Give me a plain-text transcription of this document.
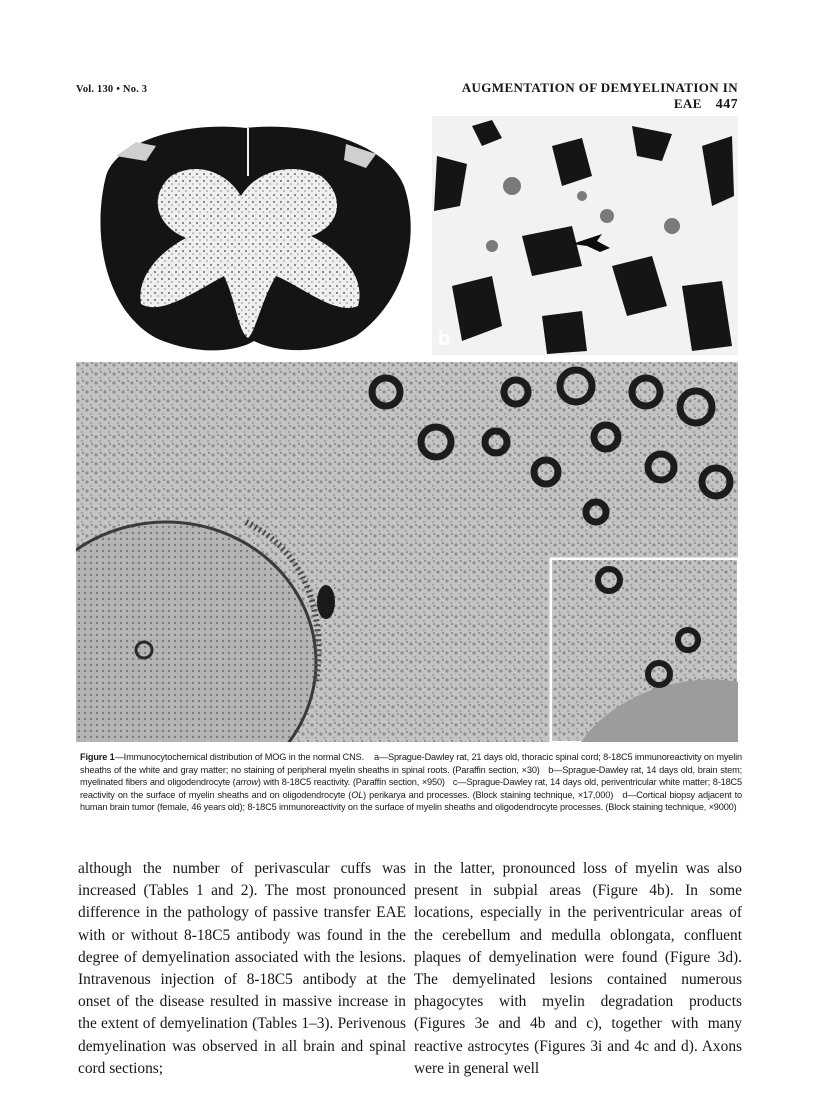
Vol. 130 • No. 3	AUGMENTATION OF DEMYELINATION IN EAE 447
a	b
Figure 1—Immunocytochemical distribution of MOG in the normal CNS. a—Sprague-Dawley rat, 21 days old, thoracic spinal cord; 8-18C5 immunoreactivity on myelin sheaths of the white and gray matter; no staining of peripheral myelin sheaths in spinal roots. (Paraffin section, ×30) b—Sprague-Dawley rat, 14 days old, brain stem; myelinated fibers and oligodendrocyte (arrow) with 8-18C5 reactivity. (Paraffin section, ×950) c—Sprague-Dawley rat, 14 days old, periventricular white matter; 8-18C5 reactivity on the surface of myelin sheaths and on oligodendrocyte (OL) perikarya and processes. (Block staining technique, ×17,000) d—Cortical biopsy adjacent to human brain tumor (female, 46 years old); 8-18C5 immunoreactivity on the surface of myelin sheaths and oligodendrocyte processes. (Block staining technique, ×9000)
although the number of perivascular cuffs was increased (Tables 1 and 2). The most pronounced difference in the pathology of passive transfer EAE with or without 8-18C5 antibody was found in the degree of demyelination associated with the lesions. Intravenous injection of 8-18C5 antibody at the onset of the disease resulted in massive increase in the extent of demyelination (Tables 1–3). Perivenous demyelination was observed in all brain and spinal cord sections;
in the latter, pronounced loss of myelin was also present in subpial areas (Figure 4b). In some locations, especially in the periventricular areas of the cerebellum and medulla oblongata, confluent plaques of demyelination were found (Figure 3d). The demyelinated lesions contained numerous phagocytes with myelin degradation products (Figures 3e and 4b and c), together with many reactive astrocytes (Figures 3i and 4c and d). Axons were in general well
